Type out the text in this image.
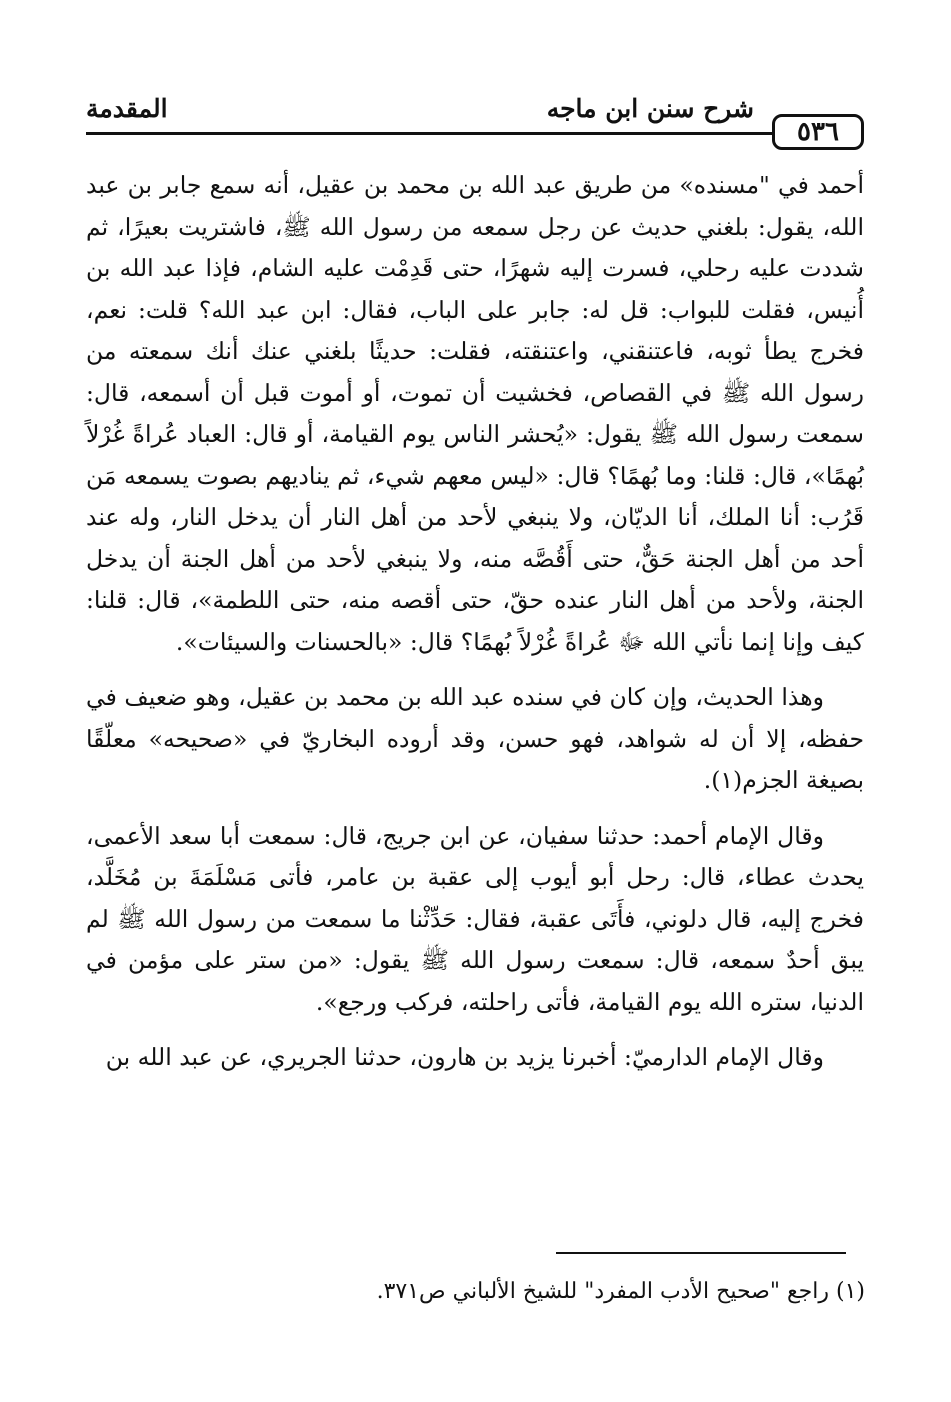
٥٣٦
شرح سنن ابن ماجه
المقدمة

أحمد في "مسنده» من طريق عبد الله بن محمد بن عقيل، أنه سمع جابر بن عبد الله، يقول: بلغني حديث عن رجل سمعه من رسول الله ﷺ، فاشتريت بعيرًا، ثم شددت عليه رحلي، فسرت إليه شهرًا، حتى قَدِمْت عليه الشام، فإذا عبد الله بن أُنيس، فقلت للبواب: قل له: جابر على الباب، فقال: ابن عبد الله؟ قلت: نعم، فخرج يطأ ثوبه، فاعتنقني، واعتنقته، فقلت: حديثًا بلغني عنك أنك سمعته من رسول الله ﷺ في القصاص، فخشيت أن تموت، أو أموت قبل أن أسمعه، قال: سمعت رسول الله ﷺ يقول: «يُحشر الناس يوم القيامة، أو قال: العباد عُراةً غُرْلاً بُهمًا»، قال: قلنا: وما بُهمًا؟ قال: «ليس معهم شيء، ثم يناديهم بصوت يسمعه مَن قَرُب: أنا الملك، أنا الديّان، ولا ينبغي لأحد من أهل النار أن يدخل النار، وله عند أحد من أهل الجنة حَقٌّ، حتى أَقُصَّه منه، ولا ينبغي لأحد من أهل الجنة أن يدخل الجنة، ولأحد من أهل النار عنده حقّ، حتى أقصه منه، حتى اللطمة»، قال: قلنا: كيف وإنا إنما نأتي الله ﷻ عُراةً غُرْلاً بُهمًا؟ قال: «بالحسنات والسيئات».

وهذا الحديث، وإن كان في سنده عبد الله بن محمد بن عقيل، وهو ضعيف في حفظه، إلا أن له شواهد، فهو حسن، وقد أروده البخاريّ في «صحيحه» معلّقًا بصيغة الجزم(١).

وقال الإمام أحمد: حدثنا سفيان، عن ابن جريج، قال: سمعت أبا سعد الأعمى، يحدث عطاء، قال: رحل أبو أيوب إلى عقبة بن عامر، فأتى مَسْلَمَةَ بن مُخَلَّد، فخرج إليه، قال دلوني، فأَتَى عقبة، فقال: حَدِّثْنا ما سمعت من رسول الله ﷺ لم يبق أحدٌ سمعه، قال: سمعت رسول الله ﷺ يقول: «من ستر على مؤمن في الدنيا، ستره الله يوم القيامة، فأتى راحلته، فركب ورجع».

وقال الإمام الدارميّ: أخبرنا يزيد بن هارون، حدثنا الجريري، عن عبد الله بن

(١) راجع "صحيح الأدب المفرد" للشيخ الألباني ص٣٧١.
